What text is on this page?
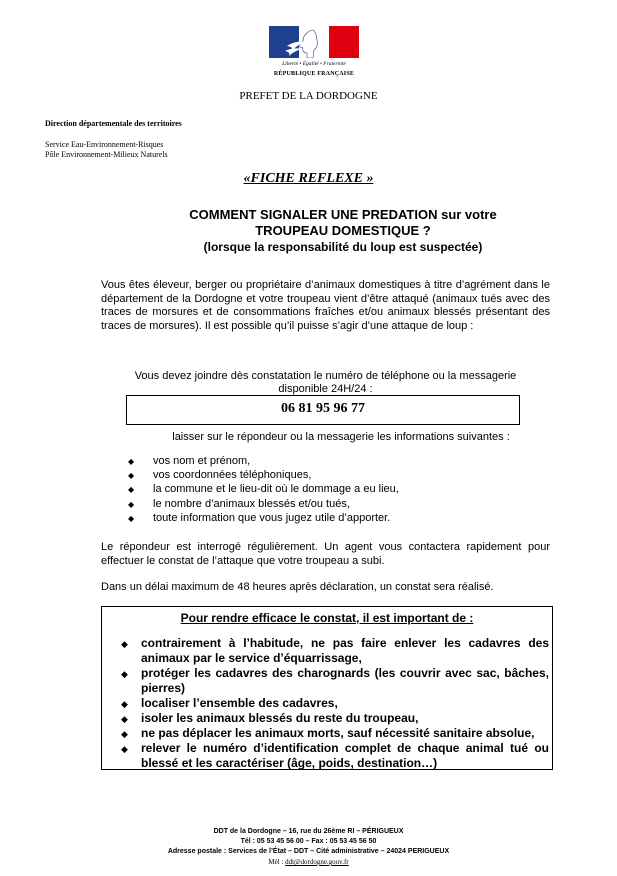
Liberté • Égalité • Fraternité
RÉPUBLIQUE FRANÇAISE
PREFET DE LA DORDOGNE
Direction départementale des territoires
Service Eau-Environnement-Risques
Pôle Environnement-Milieux Naturels
«FICHE REFLEXE »
COMMENT SIGNALER UNE PREDATION sur votre
TROUPEAU DOMESTIQUE ?
(lorsque la responsabilité du loup est suspectée)
Vous êtes éleveur, berger ou propriétaire d’animaux domestiques à titre d’agrément dans le département de la Dordogne et votre troupeau vient d’être attaqué (animaux tués avec des traces de morsures et de consommations fraîches et/ou animaux blessés présentant des traces de morsures). Il est possible qu’il puisse s’agir d’une attaque de loup :
Vous devez joindre dès constatation le numéro de téléphone ou la messagerie
disponible 24H/24 :
06 81 95 96 77
laisser sur le répondeur ou la messagerie les informations suivantes :
◆ vos nom et prénom,
◆ vos coordonnées téléphoniques,
◆ la commune et le lieu-dit où le dommage a eu lieu,
◆ le nombre d’animaux blessés et/ou tués,
◆ toute information que vous jugez utile d’apporter.
Le répondeur est interrogé régulièrement. Un agent vous contactera rapidement pour effectuer le constat de l’attaque que votre troupeau a subi.
Dans un délai maximum de 48 heures après déclaration, un constat sera réalisé.
Pour rendre efficace le constat, il est important de :
◆ contrairement à l’habitude, ne pas faire enlever les cadavres des animaux par le service d’équarrissage,
◆ protéger les cadavres des charognards (les couvrir avec sac, bâches, pierres)
◆ localiser l’ensemble des cadavres,
◆ isoler les animaux blessés du reste du troupeau,
◆ ne pas déplacer les animaux morts, sauf nécessité sanitaire absolue,
◆ relever le numéro d’identification complet de chaque animal tué ou blessé et les caractériser (âge, poids, destination…)
DDT de la Dordogne – 16, rue du 26ème RI – PÉRIGUEUX
Tél : 05 53 45 56 00 – Fax : 05 53 45 56 50
Adresse postale : Services de l’État – DDT – Cité administrative – 24024 PERIGUEUX
Mél : ddt@dordogne.gouv.fr
